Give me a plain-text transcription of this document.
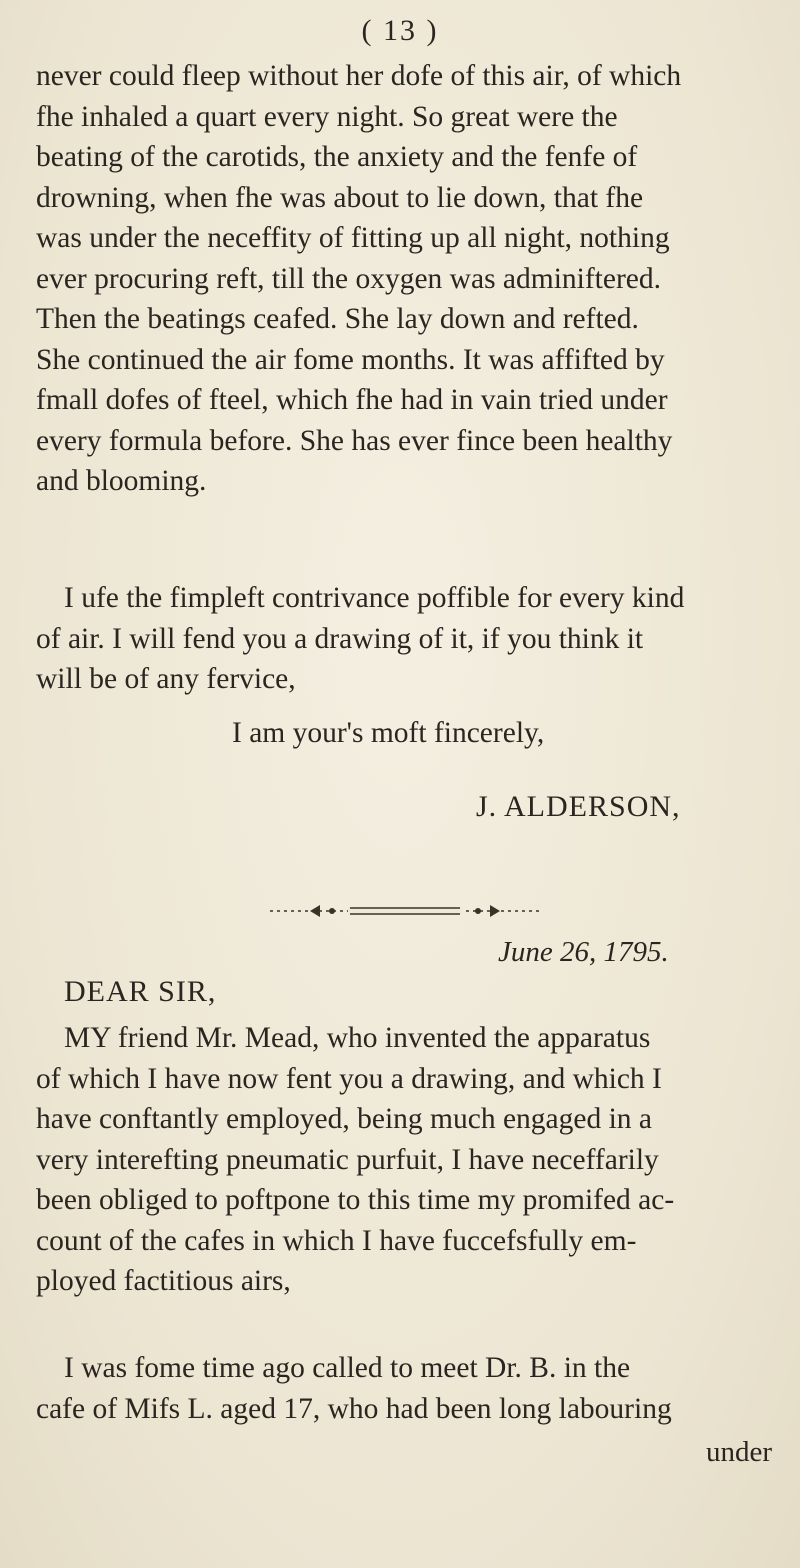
( 13 )

never could fleep without her dofe of this air, of which
fhe inhaled a quart every night. So great were the
beating of the carotids, the anxiety and the fenfe of
drowning, when fhe was about to lie down, that fhe
was under the neceffity of fitting up all night, nothing
ever procuring reft, till the oxygen was adminiftered.
Then the beatings ceafed. She lay down and refted.
She continued the air fome months. It was affifted by
fmall dofes of fteel, which fhe had in vain tried under
every formula before. She has ever fince been healthy
and blooming.

I ufe the fimpleft contrivance poffible for every kind
of air. I will fend you a drawing of it, if you think it
will be of any fervice,

I am your's moft fincerely,
J. ALDERSON,
June 26, 1795.
DEAR SIR,

MY friend Mr. Mead, who invented the apparatus
of which I have now fent you a drawing, and which I
have conftantly employed, being much engaged in a
very interefting pneumatic purfuit, I have neceffarily
been obliged to poftpone to this time my promifed ac-
count of the cafes in which I have fuccefsfully em-
ployed factitious airs,

I was fome time ago called to meet Dr. B. in the
cafe of Mifs L. aged 17, who had been long labouring

under
